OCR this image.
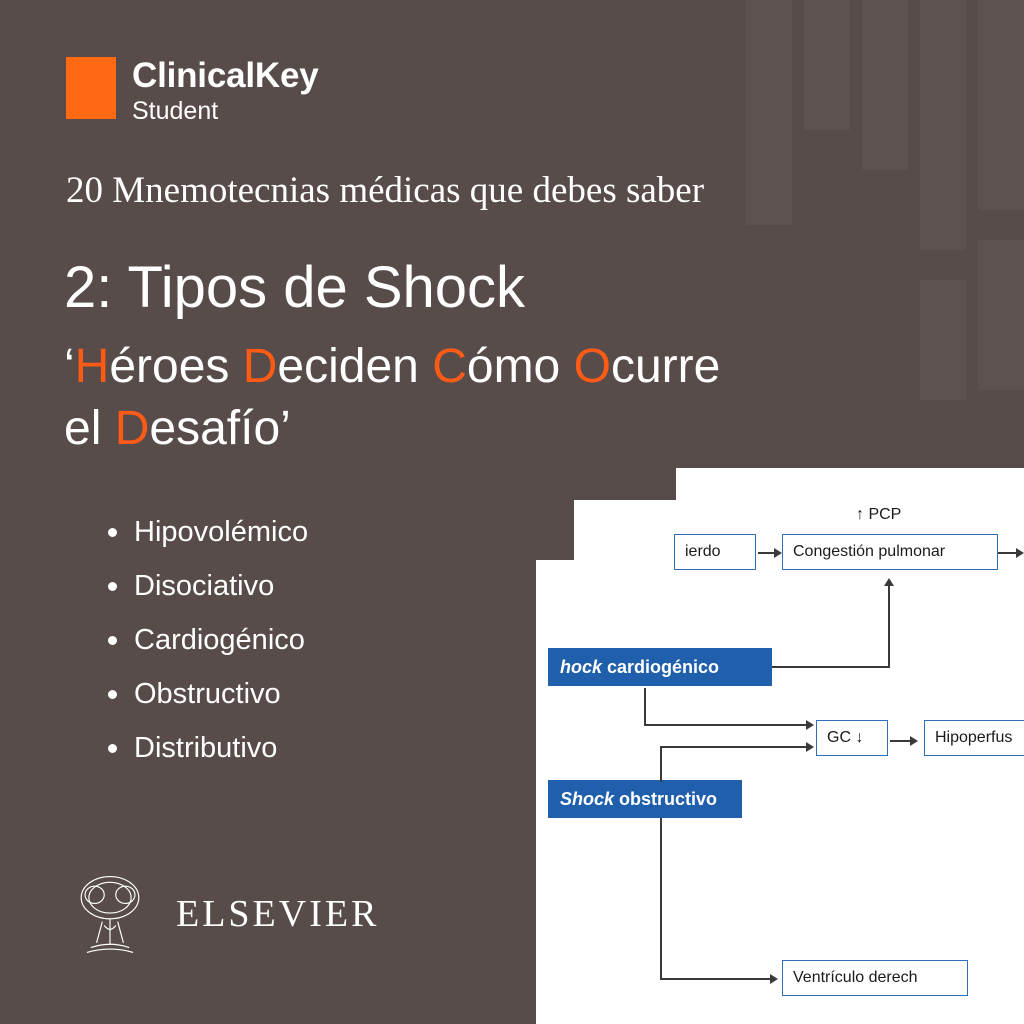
ClinicalKey
Student
20 Mnemotecnias médicas que debes saber
2: Tipos de Shock
‘Héroes Deciden Cómo Ocurre
el Desafío’
Hipovolémico
Disociativo
Cardiogénico
Obstructivo
Distributivo
ELSEVIER
↑ PCP
ierdo	Congestión pulmonar
hock cardiogénico
GC ↓	Hipoperfus
Shock obstructivo
Ventrículo derech
